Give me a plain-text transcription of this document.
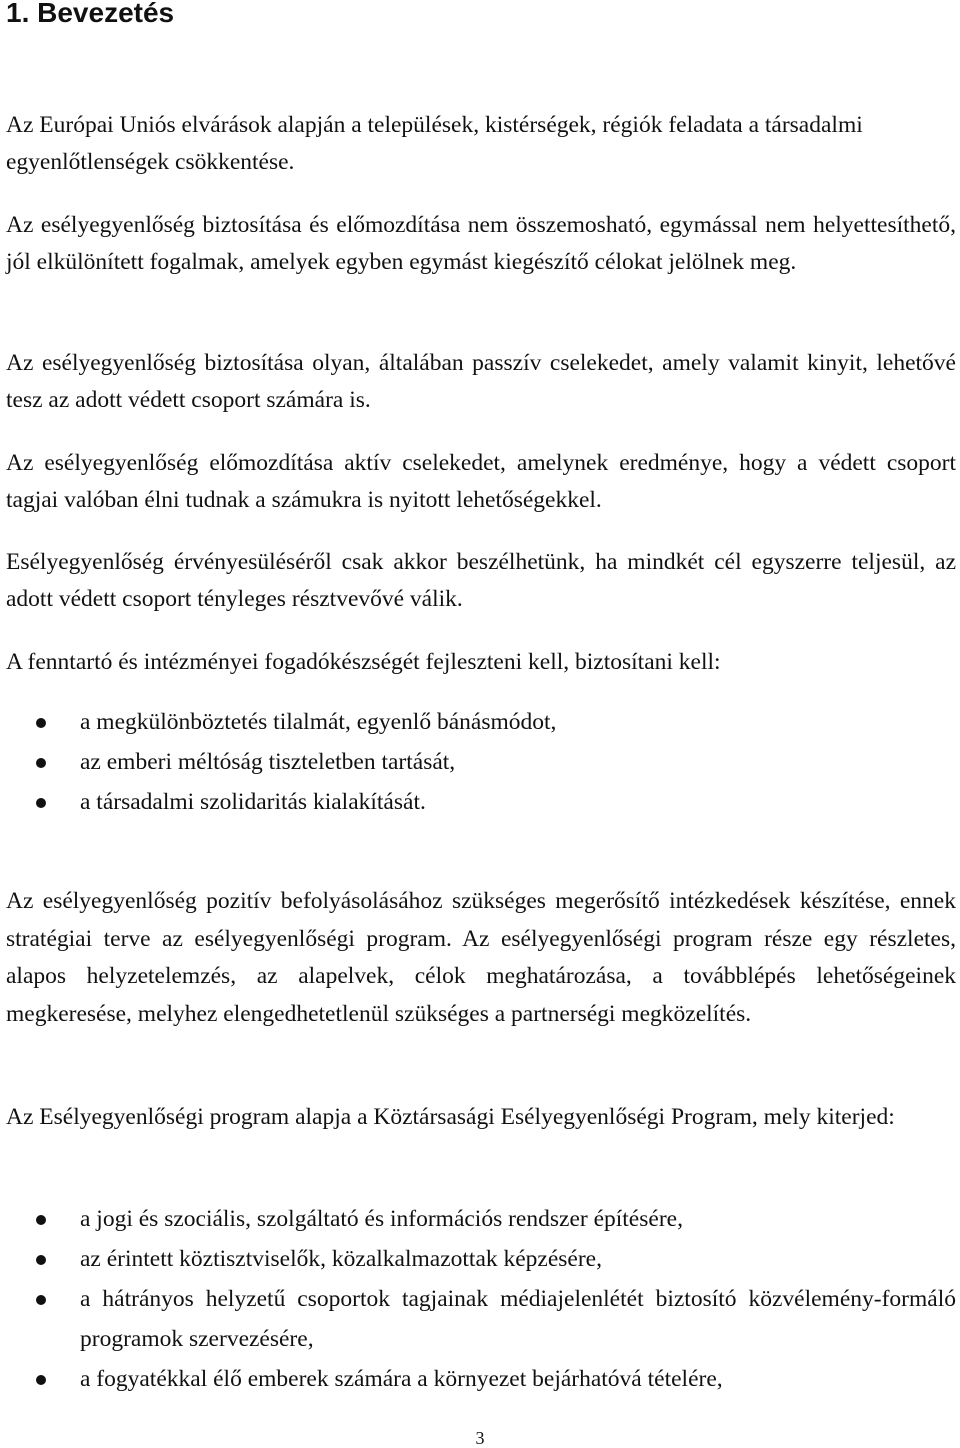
1. Bevezetés

Az Európai Uniós elvárások alapján a települések, kistérségek, régiók feladata a társadalmi egyenlőtlenségek csökkentése.

Az esélyegyenlőség biztosítása és előmozdítása nem összemosható, egymással nem helyettesíthető, jól elkülönített fogalmak, amelyek egyben egymást kiegészítő célokat jelölnek meg.

Az esélyegyenlőség biztosítása olyan, általában passzív cselekedet, amely valamit kinyit, lehetővé tesz az adott védett csoport számára is.

Az esélyegyenlőség előmozdítása aktív cselekedet, amelynek eredménye, hogy a védett csoport tagjai valóban élni tudnak a számukra is nyitott lehetőségekkel.

Esélyegyenlőség érvényesüléséről csak akkor beszélhetünk, ha mindkét cél egyszerre teljesül, az adott védett csoport tényleges résztvevővé válik.

A fenntartó és intézményei fogadókészségét fejleszteni kell, biztosítani kell:

a megkülönböztetés tilalmát, egyenlő bánásmódot,
az emberi méltóság tiszteletben tartását,
a társadalmi szolidaritás kialakítását.

Az esélyegyenlőség pozitív befolyásolásához szükséges megerősítő intézkedések készítése, ennek stratégiai terve az esélyegyenlőségi program. Az esélyegyenlőségi program része egy részletes, alapos helyzetelemzés, az alapelvek, célok meghatározása, a továbblépés lehetőségeinek megkeresése, melyhez elengedhetetlenül szükséges a partnerségi megközelítés.

Az Esélyegyenlőségi program alapja a Köztársasági Esélyegyenlőségi Program, mely kiterjed:

a jogi és szociális, szolgáltató és információs rendszer építésére,
az érintett köztisztviselők, közalkalmazottak képzésére,
a hátrányos helyzetű csoportok tagjainak médiajelenlétét biztosító közvélemény-formáló programok szervezésére,
a fogyatékkal élő emberek számára a környezet bejárhatóvá tételére,
3
